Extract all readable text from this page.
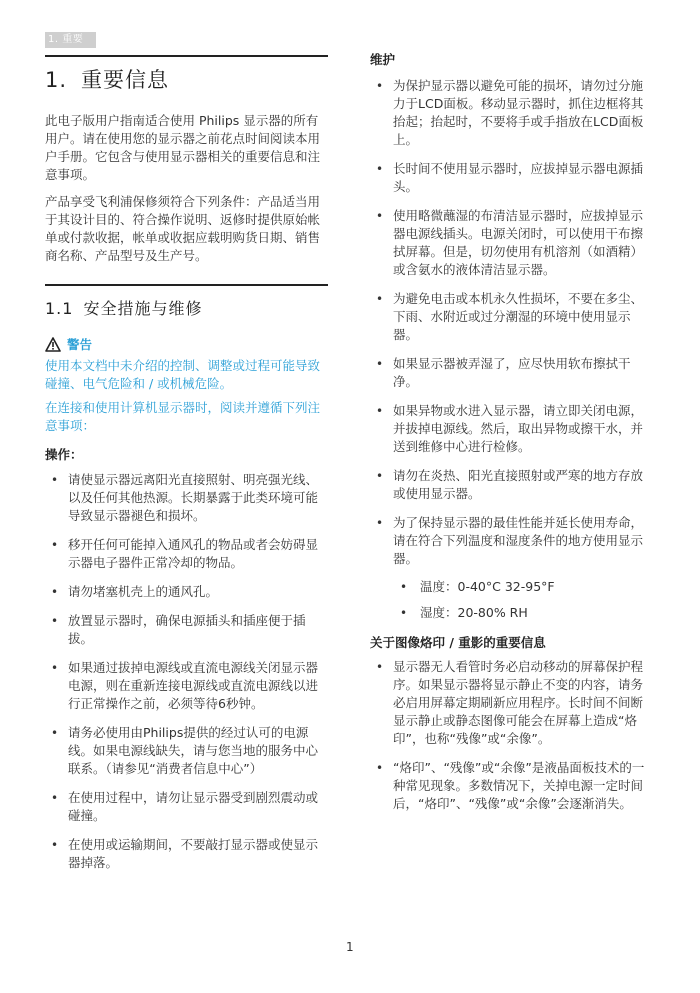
1. 重要
1. 重要信息

此电子版用户指南适合使用 Philips 显示器的所有用户。请在使用您的显示器之前花点时间阅读本用户手册。它包含与使用显示器相关的重要信息和注意事项。

产品享受飞利浦保修须符合下列条件：产品适当用于其设计目的、符合操作说明、返修时提供原始帐单或付款收据，帐单或收据应载明购货日期、销售商名称、产品型号及生产号。

1.1 安全措施与维修
警告

使用本文档中未介绍的控制、调整或过程可能导致碰撞、电气危险和 / 或机械危险。

在连接和使用计算机显示器时，阅读并遵循下列注意事项：

操作：
• 请使显示器远离阳光直接照射、明亮强光线、以及任何其他热源。长期暴露于此类环境可能导致显示器褪色和损坏。
• 移开任何可能掉入通风孔的物品或者会妨碍显示器电子器件正常冷却的物品。
• 请勿堵塞机壳上的通风孔。
• 放置显示器时，确保电源插头和插座便于插拔。
• 如果通过拔掉电源线或直流电源线关闭显示器电源，则在重新连接电源线或直流电源线以进行正常操作之前，必须等待6秒钟。
• 请务必使用由Philips提供的经过认可的电源线。如果电源线缺失，请与您当地的服务中心联系。（请参见“消费者信息中心”）
• 在使用过程中，请勿让显示器受到剧烈震动或碰撞。
• 在使用或运输期间，不要敲打显示器或使显示器掉落。
维护
• 为保护显示器以避免可能的损坏，请勿过分施力于LCD面板。移动显示器时，抓住边框将其抬起；抬起时，不要将手或手指放在LCD面板上。
• 长时间不使用显示器时，应拔掉显示器电源插头。
• 使用略微蘸湿的布清洁显示器时，应拔掉显示器电源线插头。电源关闭时，可以使用干布擦拭屏幕。但是，切勿使用有机溶剂（如酒精）或含氨水的液体清洁显示器。
• 为避免电击或本机永久性损坏，不要在多尘、下雨、水附近或过分潮湿的环境中使用显示器。
• 如果显示器被弄湿了，应尽快用软布擦拭干净。
• 如果异物或水进入显示器，请立即关闭电源，并拔掉电源线。然后，取出异物或擦干水，并送到维修中心进行检修。
• 请勿在炎热、阳光直接照射或严寒的地方存放或使用显示器。
• 为了保持显示器的最佳性能并延长使用寿命，请在符合下列温度和湿度条件的地方使用显示器。
• 温度：0-40°C 32-95°F
• 湿度：20-80% RH
关于图像烙印 / 重影的重要信息
• 显示器无人看管时务必启动移动的屏幕保护程序。如果显示器将显示静止不变的内容，请务必启用屏幕定期刷新应用程序。长时间不间断显示静止或静态图像可能会在屏幕上造成“烙印”，也称“残像”或“余像”。
• “烙印”、“残像”或“余像”是液晶面板技术的一种常见现象。多数情况下，关掉电源一定时间后，“烙印”、“残像”或“余像”会逐渐消失。
1
